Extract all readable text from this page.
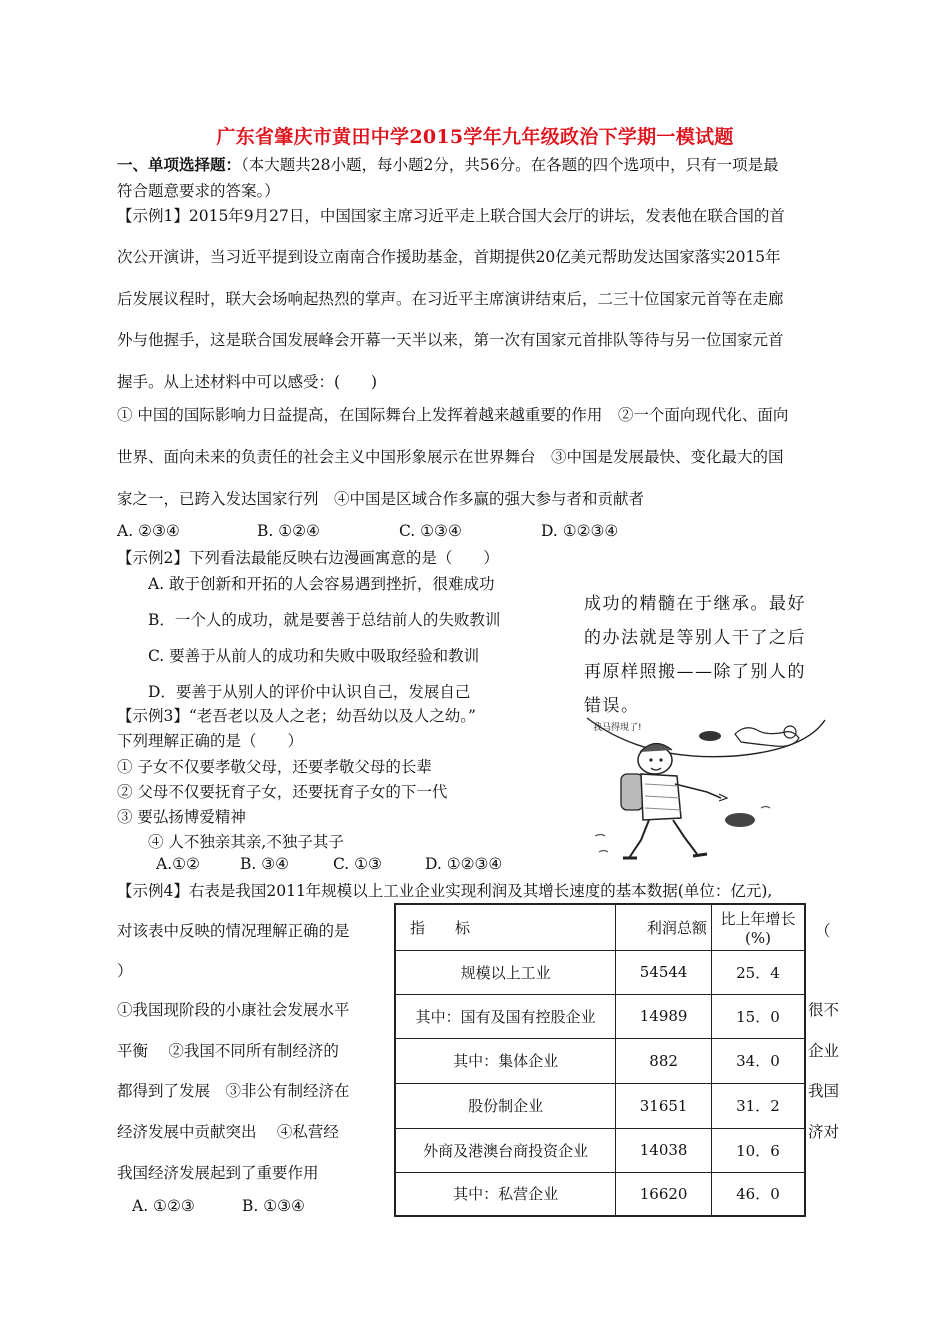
广东省肇庆市黄田中学2015学年九年级政治下学期一模试题
一、单项选择题：（本大题共28小题，每小题2分，共56分。在各题的四个选项中，只有一项是最
符合题意要求的答案。）
【示例1】2015年9月27日，中国国家主席习近平走上联合国大会厅的讲坛，发表他在联合国的首
次公开演讲，当习近平提到设立南南合作援助基金，首期提供20亿美元帮助发达国家落实2015年
后发展议程时，联大会场响起热烈的掌声。在习近平主席演讲结束后，二三十位国家元首等在走廊
外与他握手，这是联合国发展峰会开幕一天半以来，第一次有国家元首排队等待与另一位国家元首
握手。从上述材料中可以感受：(　　)
① 中国的国际影响力日益提高，在国际舞台上发挥着越来越重要的作用　②一个面向现代化、面向
世界、面向未来的负责任的社会主义中国形象展示在世界舞台　③中国是发展最快、变化最大的国
家之一，已跨入发达国家行列　④中国是区域合作多赢的强大参与者和贡献者
A. ②③④	B. ①②④	C. ①③④	D. ①②③④
【示例2】下列看法最能反映右边漫画寓意的是（　　）
A. 敢于创新和开拓的人会容易遇到挫折，很难成功
B．一个人的成功，就是要善于总结前人的失败教训
C. 要善于从前人的成功和失败中吸取经验和教训
D．要善于从别人的评价中认识自己，发展自己
成功的精髓在于继承。最好
的办法就是等别人干了之后
再原样照搬——除了别人的
错误。
我马得現了!
【示例3】“老吾老以及人之老；幼吾幼以及人之幼。”
下列理解正确的是（　　）
① 子女不仅要孝敬父母，还要孝敬父母的长辈
② 父母不仅要抚育子女，还要抚育子女的下一代
③ 要弘扬博爱精神
④ 人不独亲其亲,不独子其子
A.①②	B. ③④	C. ①③	D. ①②③④
【示例4】右表是我国2011年规模以上工业企业实现利润及其增长速度的基本数据(单位：亿元),
对该表中反映的情况理解正确的是
）
①我国现阶段的小康社会发展水平
平衡　 ②我国不同所有制经济的
都得到了发展　③非公有制经济在
经济发展中贡献突出　 ④私营经
我国经济发展起到了重要作用
A. ①②③	B. ①③④
（
很不
企业
我国
济对
指　　标	利润总额	比上年增长(%)
规模以上工业	54544	25．4
其中：国有及国有控股企业	14989	15．0
其中：集体企业	882	34．0
股份制企业	31651	31．2
外商及港澳台商投资企业	14038	10．6
其中：私营企业	16620	46．0
